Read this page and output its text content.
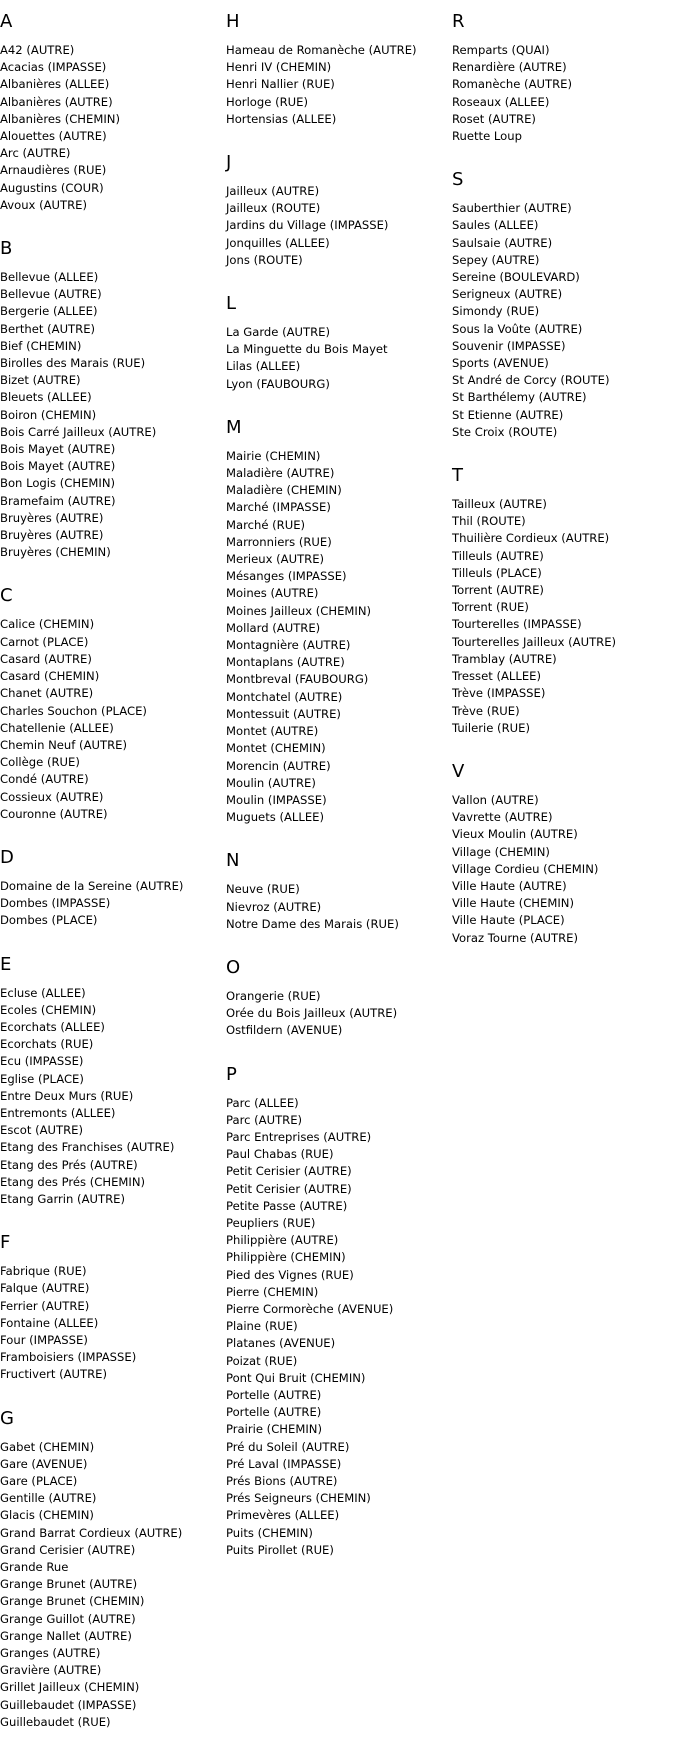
A
A42 (AUTRE)
Acacias (IMPASSE)
Albanières (ALLEE)
Albanières (AUTRE)
Albanières (CHEMIN)
Alouettes (AUTRE)
Arc (AUTRE)
Arnaudières (RUE)
Augustins (COUR)
Avoux (AUTRE)
B
Bellevue (ALLEE)
Bellevue (AUTRE)
Bergerie (ALLEE)
Berthet (AUTRE)
Bief (CHEMIN)
Birolles des Marais (RUE)
Bizet (AUTRE)
Bleuets (ALLEE)
Boiron (CHEMIN)
Bois Carré Jailleux (AUTRE)
Bois Mayet (AUTRE)
Bois Mayet (AUTRE)
Bon Logis (CHEMIN)
Bramefaim (AUTRE)
Bruyères (AUTRE)
Bruyères (AUTRE)
Bruyères (CHEMIN)
C
Calice (CHEMIN)
Carnot (PLACE)
Casard (AUTRE)
Casard (CHEMIN)
Chanet (AUTRE)
Charles Souchon (PLACE)
Chatellenie (ALLEE)
Chemin Neuf (AUTRE)
Collège (RUE)
Condé (AUTRE)
Cossieux (AUTRE)
Couronne (AUTRE)
D
Domaine de la Sereine (AUTRE)
Dombes (IMPASSE)
Dombes (PLACE)
E
Ecluse (ALLEE)
Ecoles (CHEMIN)
Ecorchats (ALLEE)
Ecorchats (RUE)
Ecu (IMPASSE)
Eglise (PLACE)
Entre Deux Murs (RUE)
Entremonts (ALLEE)
Escot (AUTRE)
Etang des Franchises (AUTRE)
Etang des Prés (AUTRE)
Etang des Prés (CHEMIN)
Etang Garrin (AUTRE)
F
Fabrique (RUE)
Falque (AUTRE)
Ferrier (AUTRE)
Fontaine (ALLEE)
Four (IMPASSE)
Framboisiers (IMPASSE)
Fructivert (AUTRE)
G
Gabet (CHEMIN)
Gare (AVENUE)
Gare (PLACE)
Gentille (AUTRE)
Glacis (CHEMIN)
Grand Barrat Cordieux (AUTRE)
Grand Cerisier (AUTRE)
Grande Rue
Grange Brunet (AUTRE)
Grange Brunet (CHEMIN)
Grange Guillot (AUTRE)
Grange Nallet (AUTRE)
Granges (AUTRE)
Gravière (AUTRE)
Grillet Jailleux (CHEMIN)
Guillebaudet (IMPASSE)
Guillebaudet (RUE)
H
Hameau de Romanèche (AUTRE)
Henri IV (CHEMIN)
Henri Nallier (RUE)
Horloge (RUE)
Hortensias (ALLEE)
J
Jailleux (AUTRE)
Jailleux (ROUTE)
Jardins du Village (IMPASSE)
Jonquilles (ALLEE)
Jons (ROUTE)
L
La Garde (AUTRE)
La Minguette du Bois Mayet
Lilas (ALLEE)
Lyon (FAUBOURG)
M
Mairie (CHEMIN)
Maladière (AUTRE)
Maladière (CHEMIN)
Marché (IMPASSE)
Marché (RUE)
Marronniers (RUE)
Merieux (AUTRE)
Mésanges (IMPASSE)
Moines (AUTRE)
Moines Jailleux (CHEMIN)
Mollard (AUTRE)
Montagnière (AUTRE)
Montaplans (AUTRE)
Montbreval (FAUBOURG)
Montchatel (AUTRE)
Montessuit (AUTRE)
Montet (AUTRE)
Montet (CHEMIN)
Morencin (AUTRE)
Moulin (AUTRE)
Moulin (IMPASSE)
Muguets (ALLEE)
N
Neuve (RUE)
Nievroz (AUTRE)
Notre Dame des Marais (RUE)
O
Orangerie (RUE)
Orée du Bois Jailleux (AUTRE)
Ostfildern (AVENUE)
P
Parc (ALLEE)
Parc (AUTRE)
Parc Entreprises (AUTRE)
Paul Chabas (RUE)
Petit Cerisier (AUTRE)
Petit Cerisier (AUTRE)
Petite Passe (AUTRE)
Peupliers (RUE)
Philippière (AUTRE)
Philippière (CHEMIN)
Pied des Vignes (RUE)
Pierre (CHEMIN)
Pierre Cormorèche (AVENUE)
Plaine (RUE)
Platanes (AVENUE)
Poizat (RUE)
Pont Qui Bruit (CHEMIN)
Portelle (AUTRE)
Portelle (AUTRE)
Prairie (CHEMIN)
Pré du Soleil (AUTRE)
Pré Laval (IMPASSE)
Prés Bions (AUTRE)
Prés Seigneurs (CHEMIN)
Primevères (ALLEE)
Puits (CHEMIN)
Puits Pirollet (RUE)
R
Remparts (QUAI)
Renardière (AUTRE)
Romanèche (AUTRE)
Roseaux (ALLEE)
Roset (AUTRE)
Ruette Loup
S
Sauberthier (AUTRE)
Saules (ALLEE)
Saulsaie (AUTRE)
Sepey (AUTRE)
Sereine (BOULEVARD)
Serigneux (AUTRE)
Simondy (RUE)
Sous la Voûte (AUTRE)
Souvenir (IMPASSE)
Sports (AVENUE)
St André de Corcy (ROUTE)
St Barthélemy (AUTRE)
St Etienne (AUTRE)
Ste Croix (ROUTE)
T
Tailleux (AUTRE)
Thil (ROUTE)
Thuilière Cordieux (AUTRE)
Tilleuls (AUTRE)
Tilleuls (PLACE)
Torrent (AUTRE)
Torrent (RUE)
Tourterelles (IMPASSE)
Tourterelles Jailleux (AUTRE)
Tramblay (AUTRE)
Tresset (ALLEE)
Trève (IMPASSE)
Trève (RUE)
Tuilerie (RUE)
V
Vallon (AUTRE)
Vavrette (AUTRE)
Vieux Moulin (AUTRE)
Village (CHEMIN)
Village Cordieu (CHEMIN)
Ville Haute (AUTRE)
Ville Haute (CHEMIN)
Ville Haute (PLACE)
Voraz Tourne (AUTRE)
